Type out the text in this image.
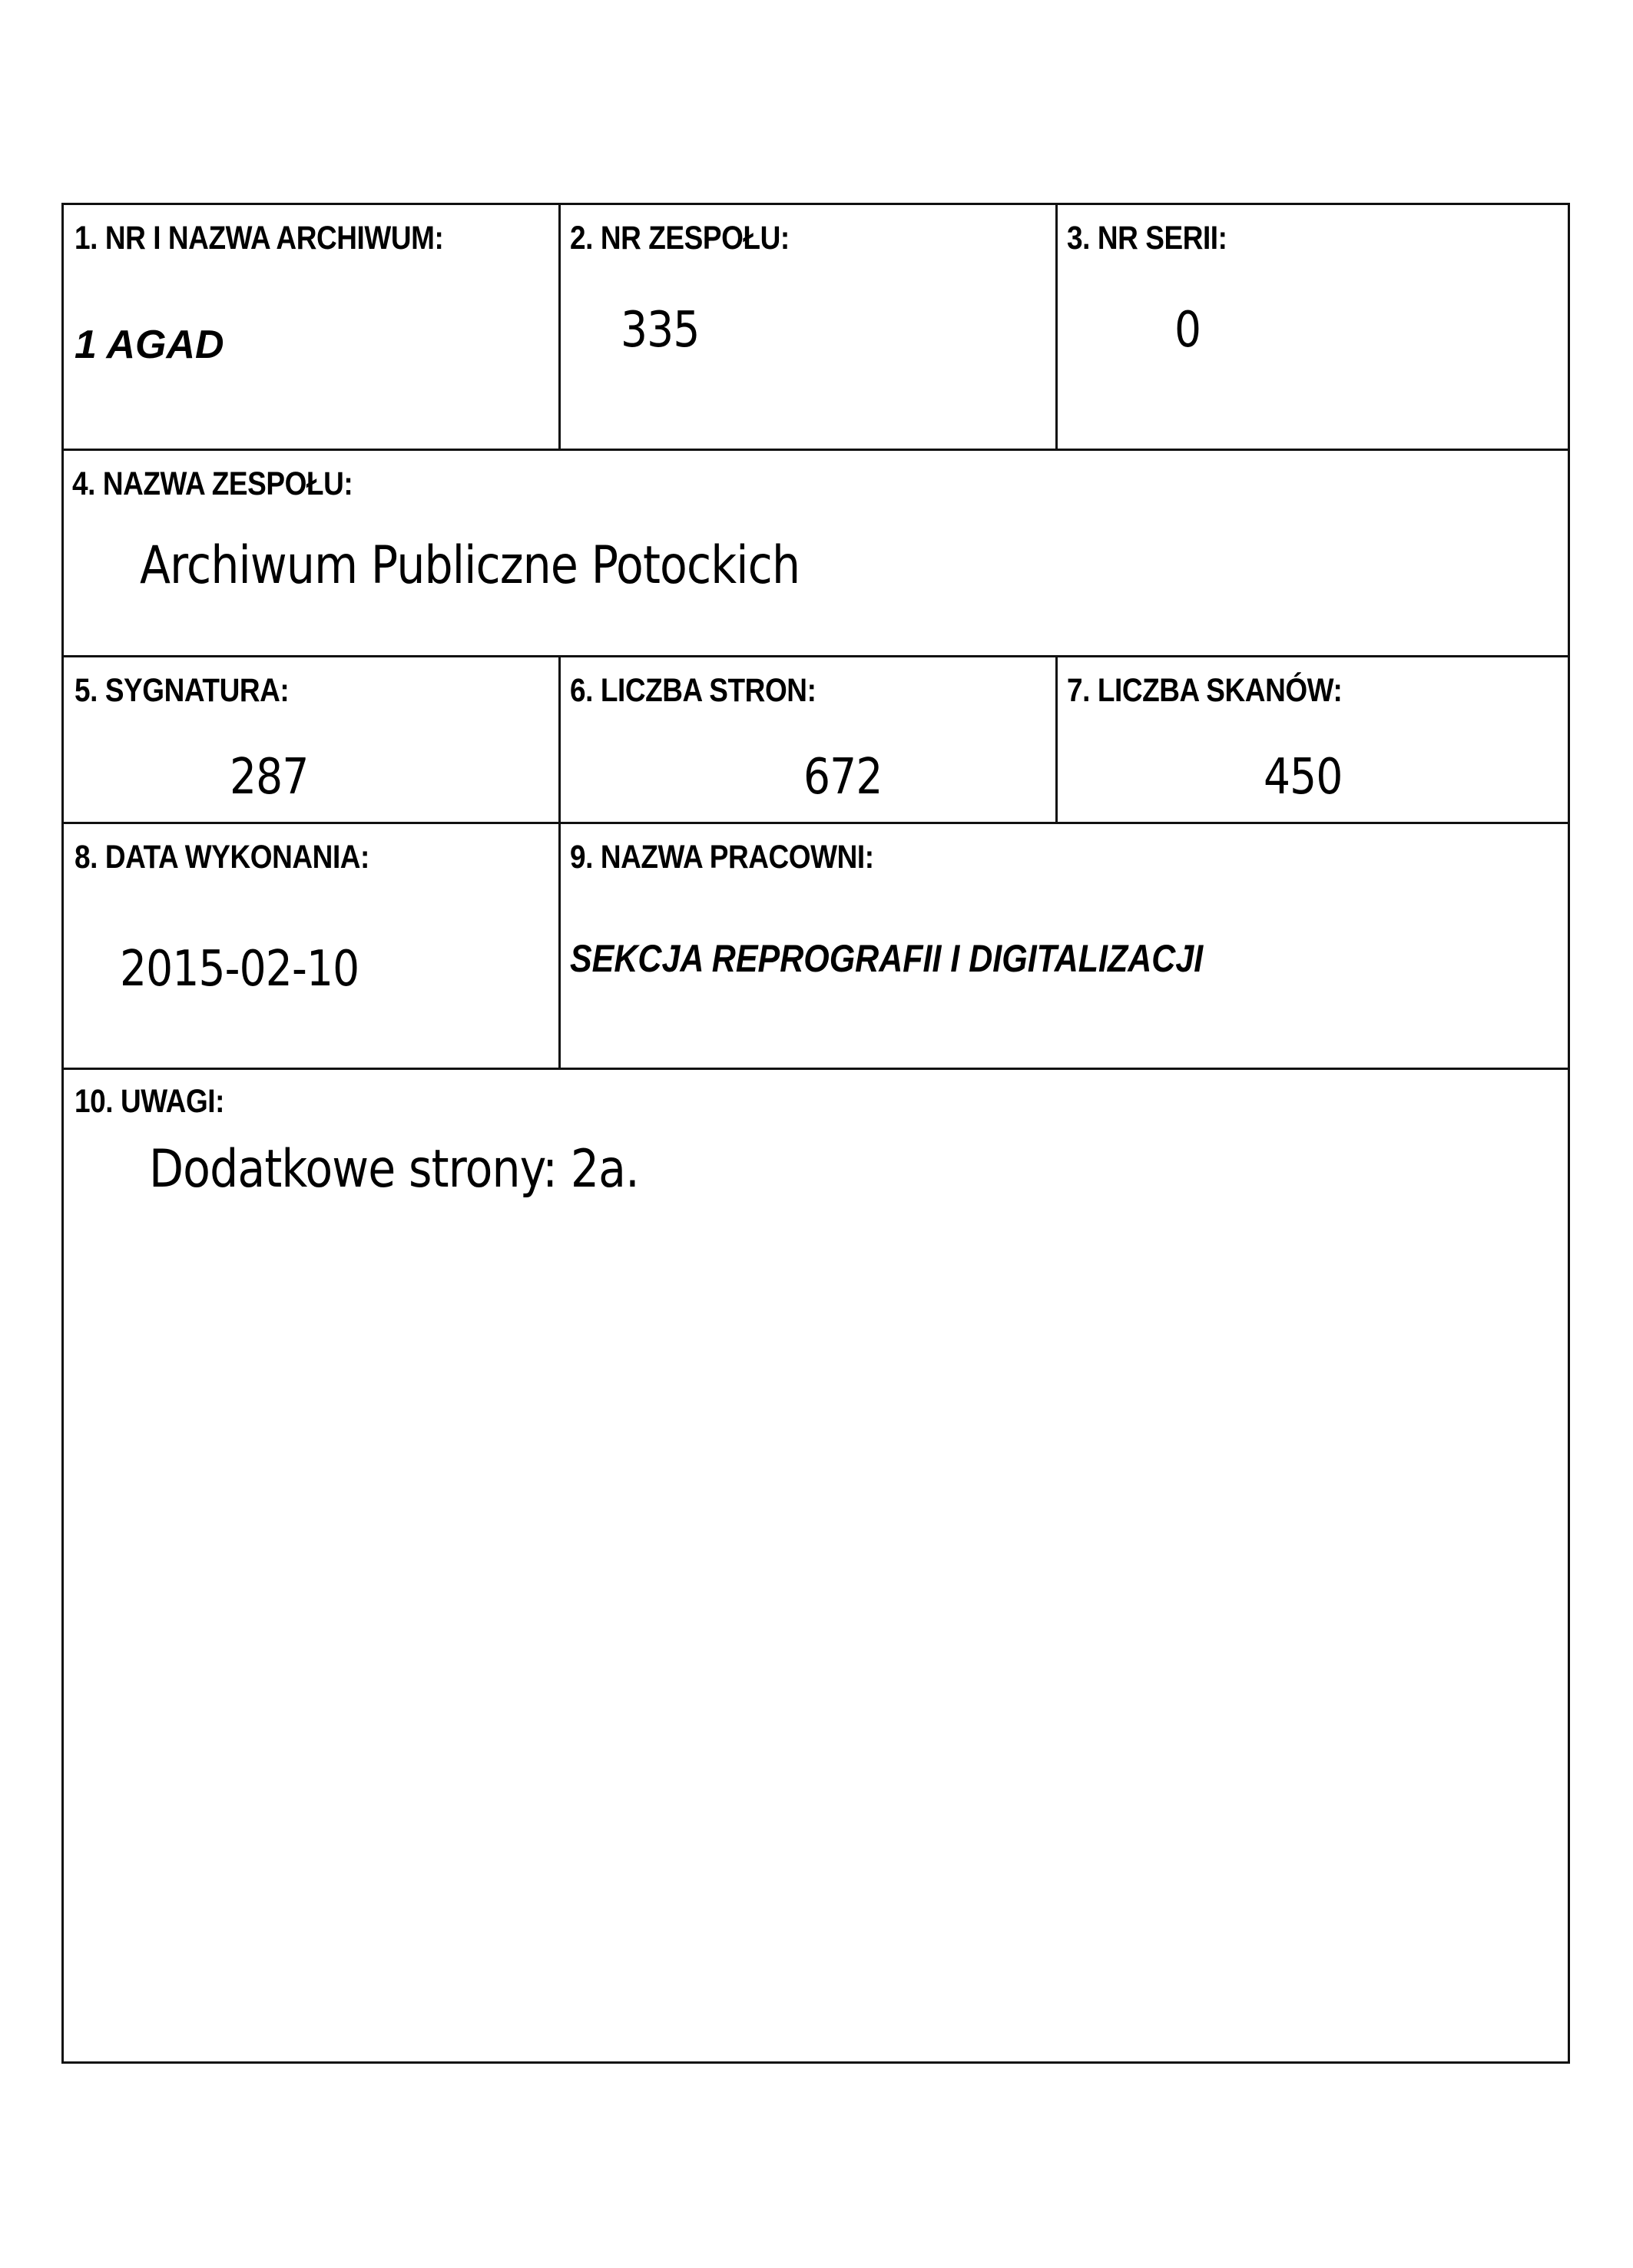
1. NR I NAZWA ARCHIWUM:
1 AGAD
2. NR ZESPOŁU:
335
3. NR SERII:
0
4. NAZWA ZESPOŁU:
Archiwum Publiczne Potockich
5. SYGNATURA:
287
6. LICZBA STRON:
672
7. LICZBA SKANÓW:
450
8. DATA WYKONANIA:
2015-02-10
9. NAZWA PRACOWNI:
SEKCJA REPROGRAFII I DIGITALIZACJI
10. UWAGI:
Dodatkowe strony: 2a.
